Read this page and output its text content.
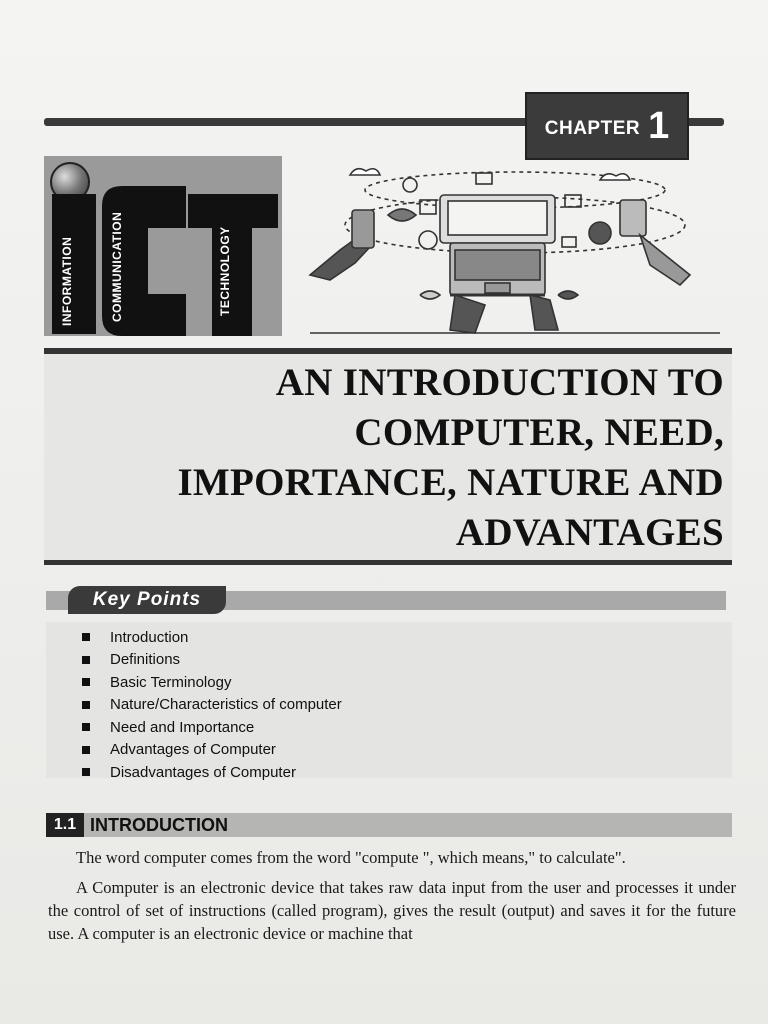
CHAPTER 1
INFORMATION	COMMUNICATION	TECHNOLOGY
AN INTRODUCTION TO
COMPUTER, NEED,
IMPORTANCE, NATURE AND
ADVANTAGES
Key Points
Introduction
Definitions
Basic Terminology
Nature/Characteristics of computer
Need and Importance
Advantages of Computer
Disadvantages of Computer
1.1 INTRODUCTION

The word computer comes from the word "compute ", which means," to calculate".

A Computer is an electronic device that takes raw data input from the user and processes it under the control of set of instructions (called program), gives the result (output) and saves it for the future use. A computer is an electronic device or machine that
